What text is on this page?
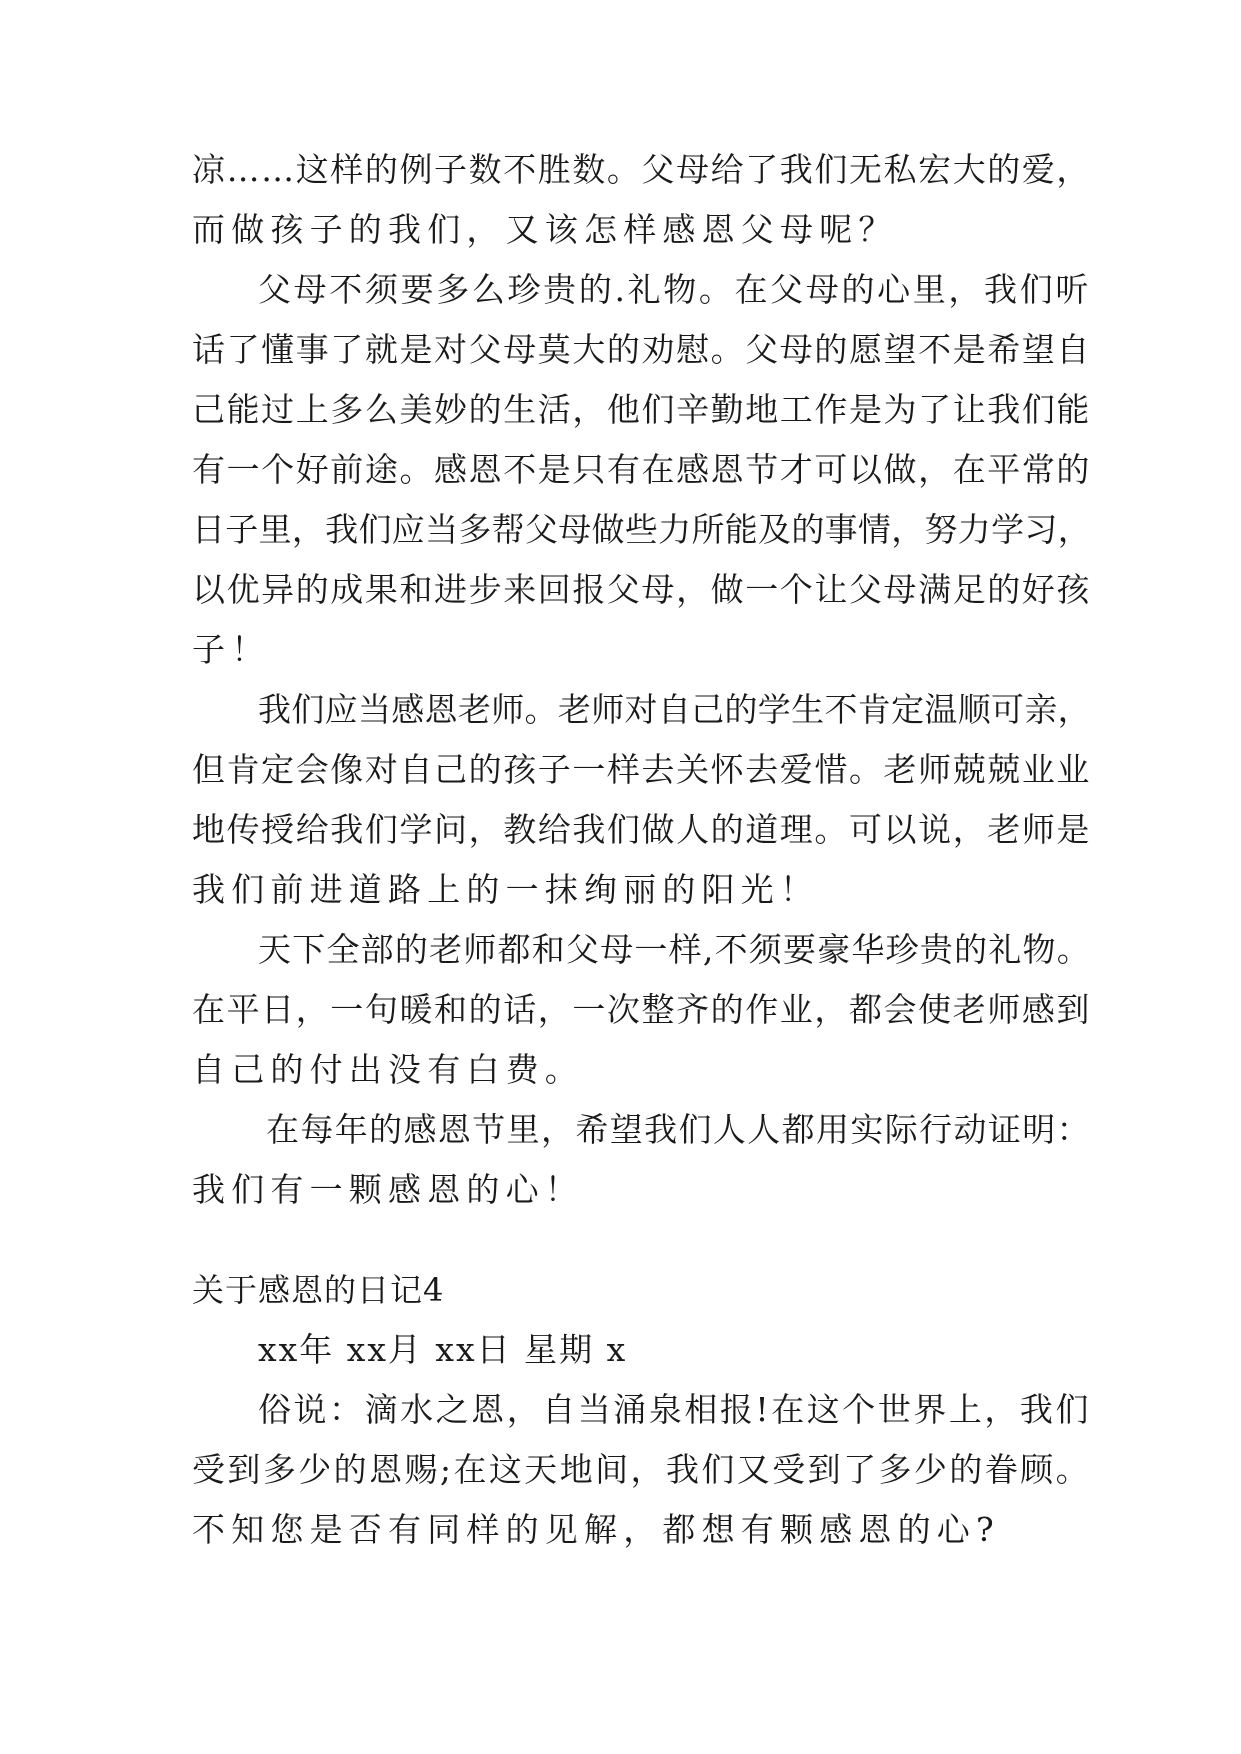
凉……这样的例子数不胜数。父母给了我们无私宏大的爱，
而做孩子的我们，又该怎样感恩父母呢？
父母不须要多么珍贵的.礼物。在父母的心里，我们听
话了懂事了就是对父母莫大的劝慰。父母的愿望不是希望自
己能过上多么美妙的生活，他们辛勤地工作是为了让我们能
有一个好前途。感恩不是只有在感恩节才可以做，在平常的
日子里，我们应当多帮父母做些力所能及的事情，努力学习，
以优异的成果和进步来回报父母，做一个让父母满足的好孩
子！
我们应当感恩老师。老师对自己的学生不肯定温顺可亲，
但肯定会像对自己的孩子一样去关怀去爱惜。老师兢兢业业
地传授给我们学问，教给我们做人的道理。可以说，老师是
我们前进道路上的一抹绚丽的阳光！
天下全部的老师都和父母一样,不须要豪华珍贵的礼物。
在平日，一句暖和的话，一次整齐的作业，都会使老师感到
自己的付出没有白费。
在每年的感恩节里，希望我们人人都用实际行动证明：
我们有一颗感恩的心！
关于感恩的日记4
xx年 xx月 xx日 星期 x
俗说：滴水之恩，自当涌泉相报!在这个世界上，我们
受到多少的恩赐;在这天地间，我们又受到了多少的眷顾。
不知您是否有同样的见解，都想有颗感恩的心?
